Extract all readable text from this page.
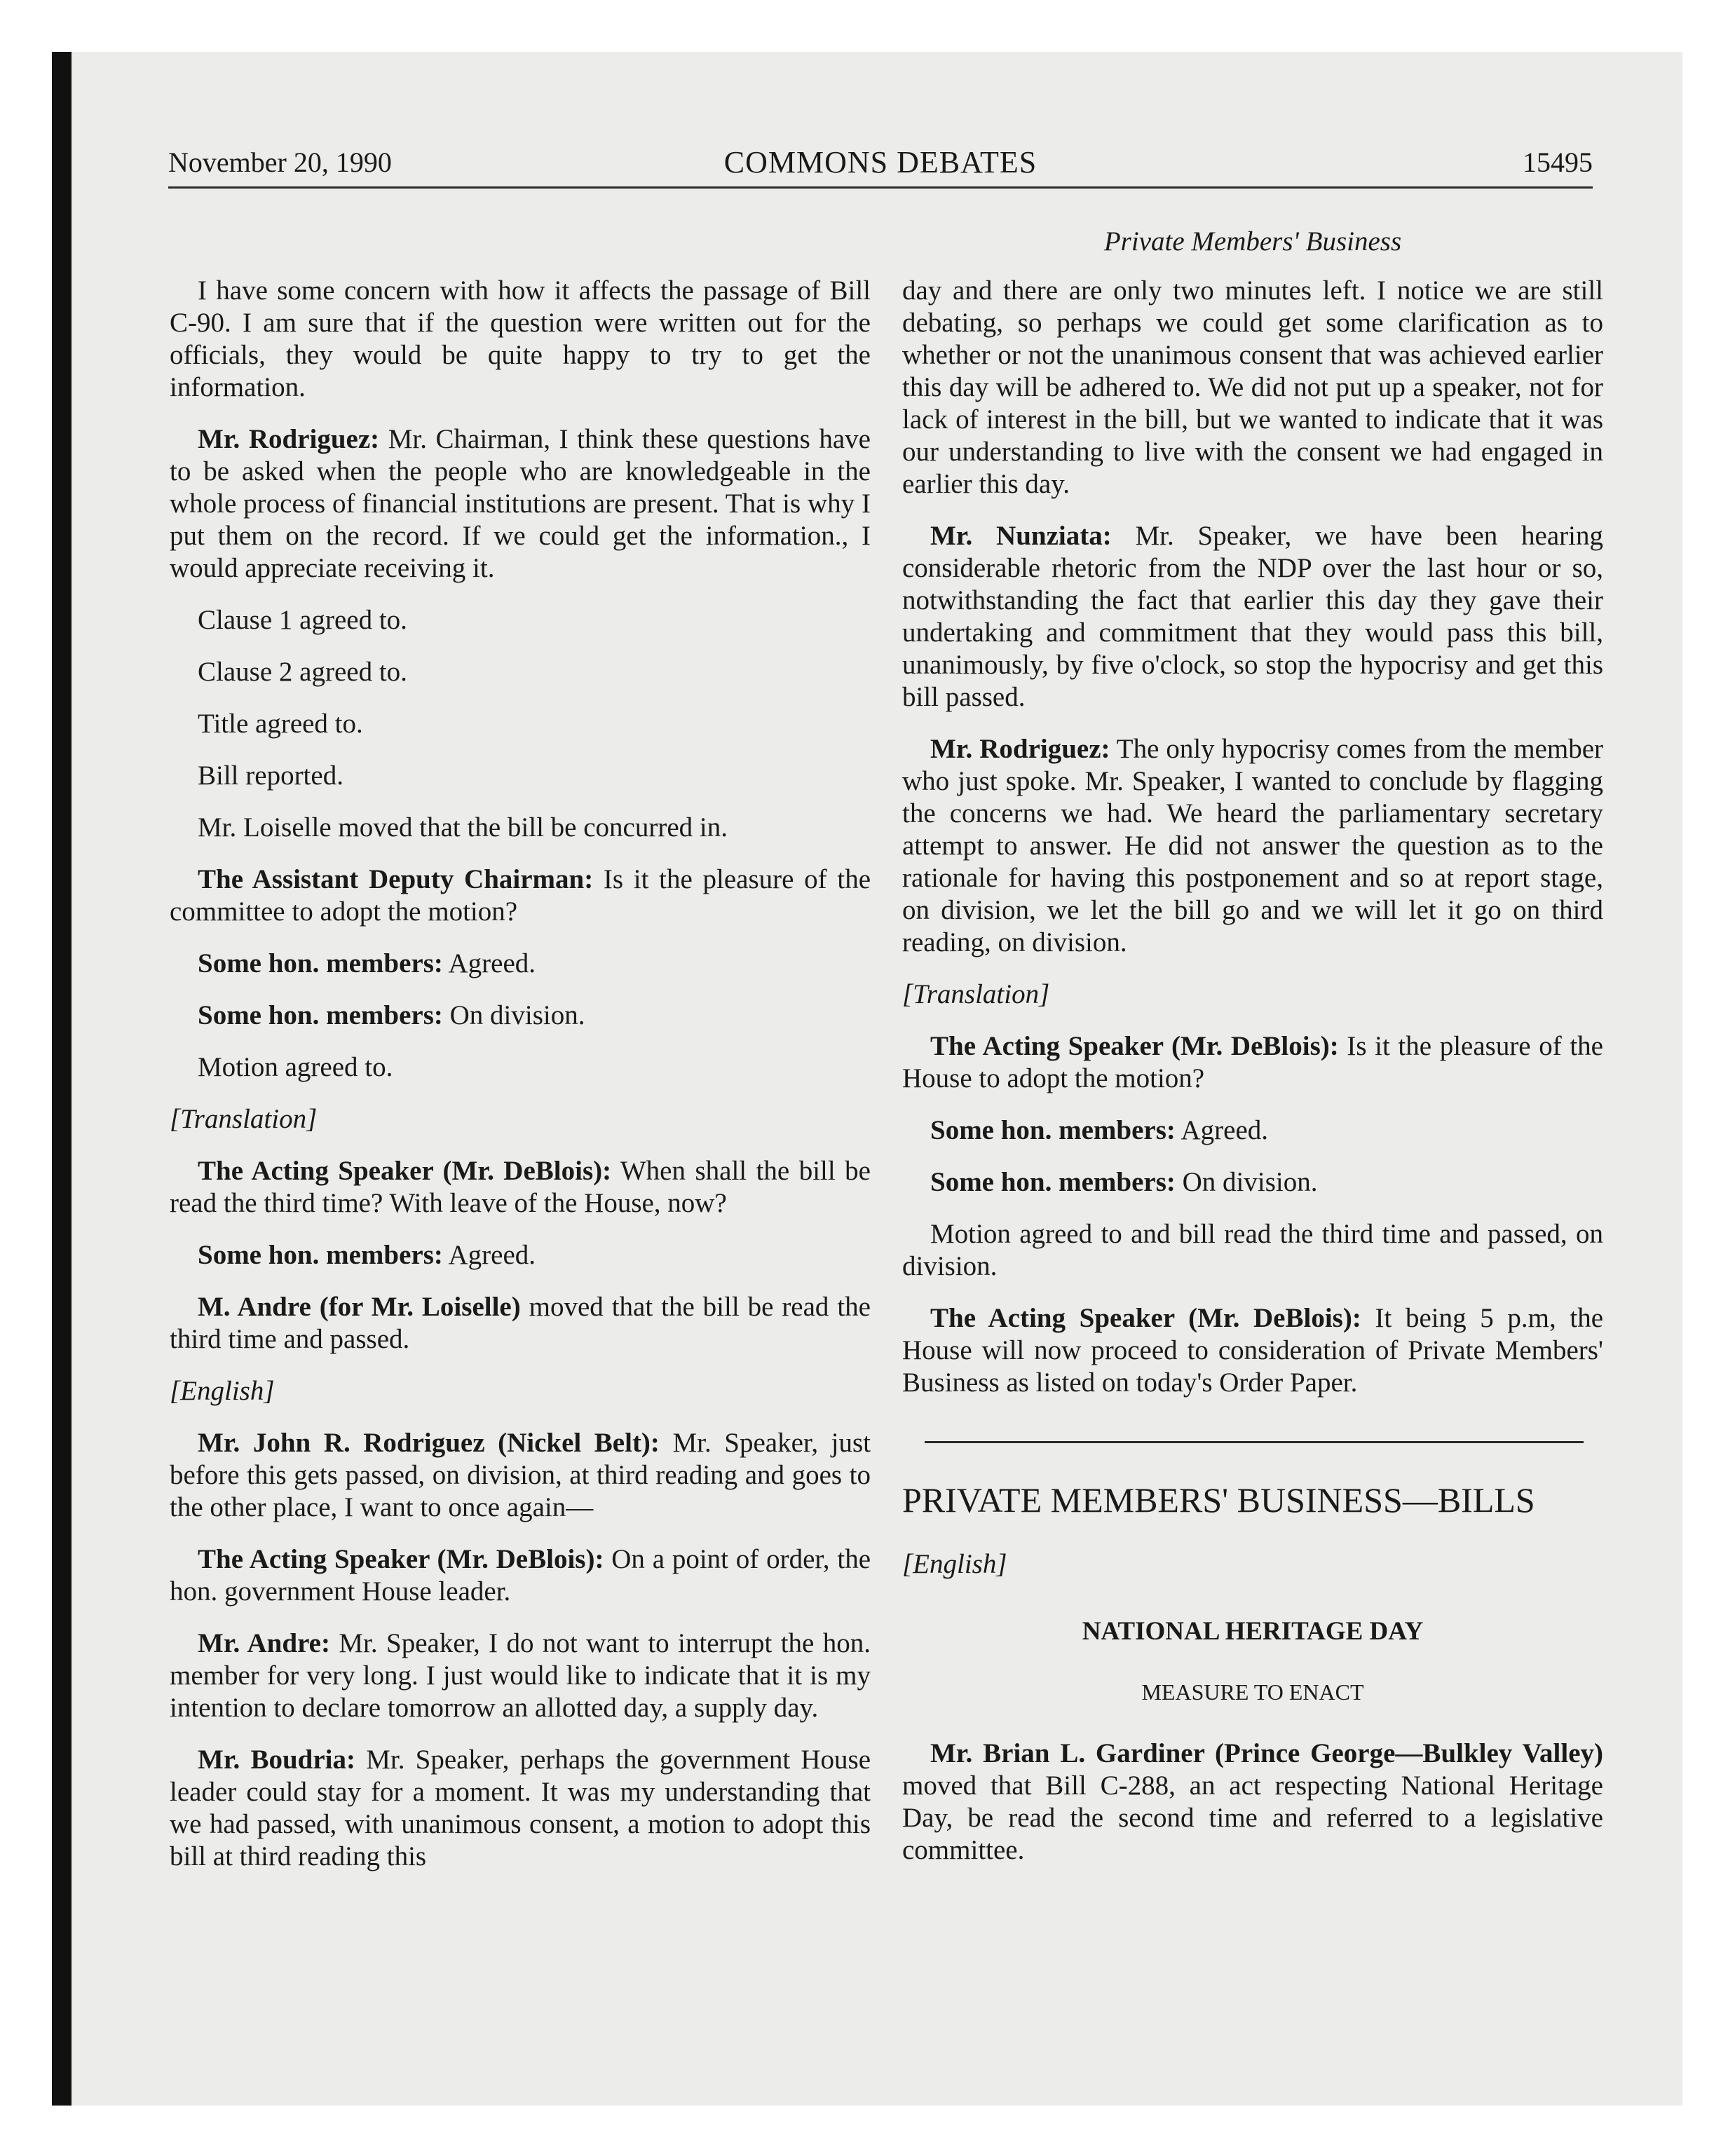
November 20, 1990	COMMONS DEBATES	15495
Private Members' Business

I have some concern with how it affects the passage of Bill C-90. I am sure that if the question were written out for the officials, they would be quite happy to try to get the information.

Mr. Rodriguez: Mr. Chairman, I think these questions have to be asked when the people who are knowledgeable in the whole process of financial institutions are present. That is why I put them on the record. If we could get the information., I would appreciate receiving it.

Clause 1 agreed to.

Clause 2 agreed to.

Title agreed to.

Bill reported.

Mr. Loiselle moved that the bill be concurred in.

The Assistant Deputy Chairman: Is it the pleasure of the committee to adopt the motion?

Some hon. members: Agreed.

Some hon. members: On division.

Motion agreed to.

[Translation]

The Acting Speaker (Mr. DeBlois): When shall the bill be read the third time? With leave of the House, now?

Some hon. members: Agreed.

M. Andre (for Mr. Loiselle) moved that the bill be read the third time and passed.

[English]

Mr. John R. Rodriguez (Nickel Belt): Mr. Speaker, just before this gets passed, on division, at third reading and goes to the other place, I want to once again—

The Acting Speaker (Mr. DeBlois): On a point of order, the hon. government House leader.

Mr. Andre: Mr. Speaker, I do not want to interrupt the hon. member for very long. I just would like to indicate that it is my intention to declare tomorrow an allotted day, a supply day.

Mr. Boudria: Mr. Speaker, perhaps the government House leader could stay for a moment. It was my understanding that we had passed, with unanimous consent, a motion to adopt this bill at third reading this

day and there are only two minutes left. I notice we are still debating, so perhaps we could get some clarification as to whether or not the unanimous consent that was achieved earlier this day will be adhered to. We did not put up a speaker, not for lack of interest in the bill, but we wanted to indicate that it was our understanding to live with the consent we had engaged in earlier this day.

Mr. Nunziata: Mr. Speaker, we have been hearing considerable rhetoric from the NDP over the last hour or so, notwithstanding the fact that earlier this day they gave their undertaking and commitment that they would pass this bill, unanimously, by five o'clock, so stop the hypocrisy and get this bill passed.

Mr. Rodriguez: The only hypocrisy comes from the member who just spoke. Mr. Speaker, I wanted to conclude by flagging the concerns we had. We heard the parliamentary secretary attempt to answer. He did not answer the question as to the rationale for having this postponement and so at report stage, on division, we let the bill go and we will let it go on third reading, on division.

[Translation]

The Acting Speaker (Mr. DeBlois): Is it the pleasure of the House to adopt the motion?

Some hon. members: Agreed.

Some hon. members: On division.

Motion agreed to and bill read the third time and passed, on division.

The Acting Speaker (Mr. DeBlois): It being 5 p.m, the House will now proceed to consideration of Private Members' Business as listed on today's Order Paper.

PRIVATE MEMBERS' BUSINESS—BILLS

[English]

NATIONAL HERITAGE DAY
MEASURE TO ENACT

Mr. Brian L. Gardiner (Prince George—Bulkley Valley) moved that Bill C-288, an act respecting National Heritage Day, be read the second time and referred to a legislative committee.
